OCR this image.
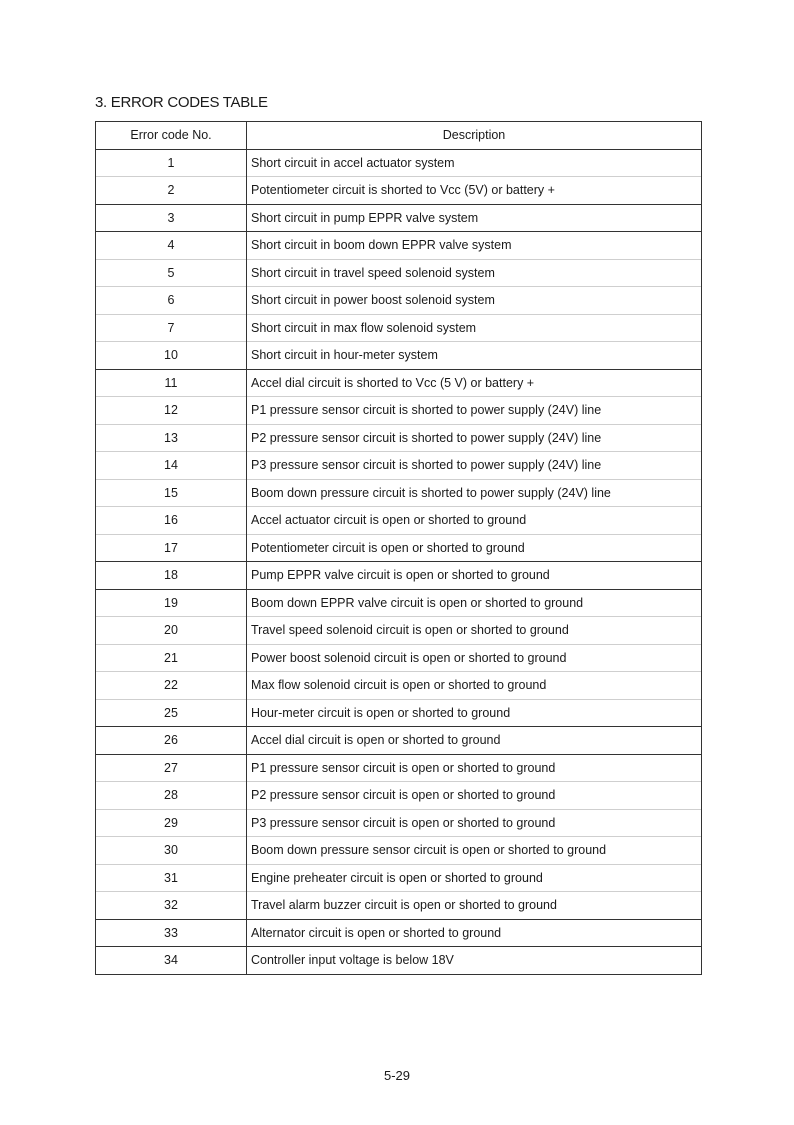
3. ERROR CODES TABLE
Error code No.	Description
1	Short circuit in accel actuator system
2	Potentiometer circuit is shorted to Vcc (5V) or battery +
3	Short circuit in pump EPPR valve system
4	Short circuit in boom down EPPR valve system
5	Short circuit in travel speed solenoid system
6	Short circuit in power boost solenoid system
7	Short circuit in max flow solenoid system
10	Short circuit in hour-meter system
11	Accel dial circuit is shorted to Vcc (5 V) or battery +
12	P1 pressure sensor circuit is shorted to power supply (24V) line
13	P2 pressure sensor circuit is shorted to power supply (24V) line
14	P3 pressure sensor circuit is shorted to power supply (24V) line
15	Boom down pressure circuit is shorted to power supply (24V) line
16	Accel actuator circuit is open or shorted to ground
17	Potentiometer circuit is open or shorted to ground
18	Pump EPPR valve circuit is open or shorted to ground
19	Boom down EPPR valve circuit is open or shorted to ground
20	Travel speed solenoid circuit is open or shorted to ground
21	Power boost solenoid circuit is open or shorted to ground
22	Max flow solenoid circuit is open or shorted to ground
25	Hour-meter circuit is open or shorted to ground
26	Accel dial circuit is open or shorted to ground
27	P1 pressure sensor circuit is open or shorted to ground
28	P2 pressure sensor circuit is open or shorted to ground
29	P3 pressure sensor circuit is open or shorted to ground
30	Boom down pressure sensor circuit is open or shorted to ground
31	Engine preheater circuit is open or shorted to ground
32	Travel alarm buzzer circuit is open or shorted to ground
33	Alternator circuit is open or shorted to ground
34	Controller input voltage is below 18V
5-29
